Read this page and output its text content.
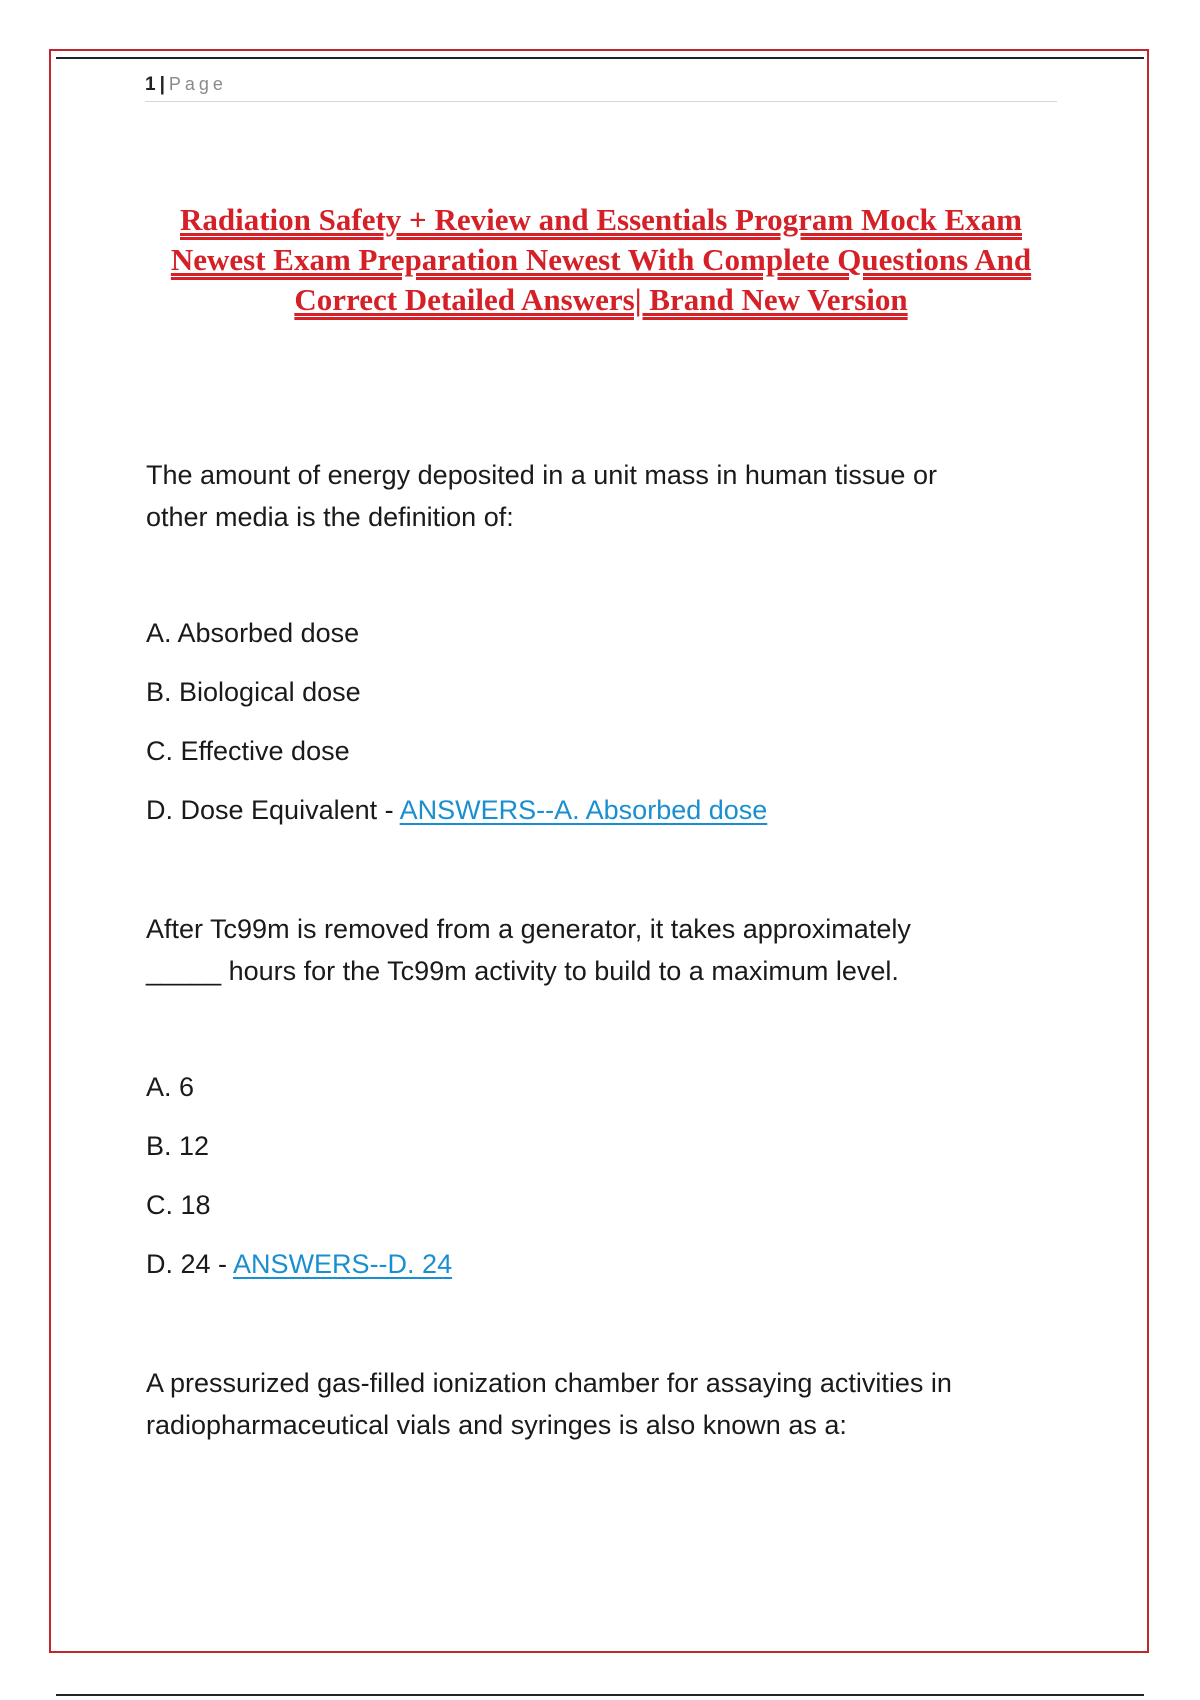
1 | Page
Radiation Safety + Review and Essentials Program Mock Exam
Newest Exam Preparation Newest With Complete Questions And
Correct Detailed Answers| Brand New Version

The amount of energy deposited in a unit mass in human tissue or
other media is the definition of:

A. Absorbed dose

B. Biological dose

C. Effective dose

D. Dose Equivalent - ANSWERS--A. Absorbed dose

After Tc99m is removed from a generator, it takes approximately
_____ hours for the Tc99m activity to build to a maximum level.

A. 6

B. 12

C. 18

D. 24 - ANSWERS--D. 24

A pressurized gas-filled ionization chamber for assaying activities in
radiopharmaceutical vials and syringes is also known as a:
